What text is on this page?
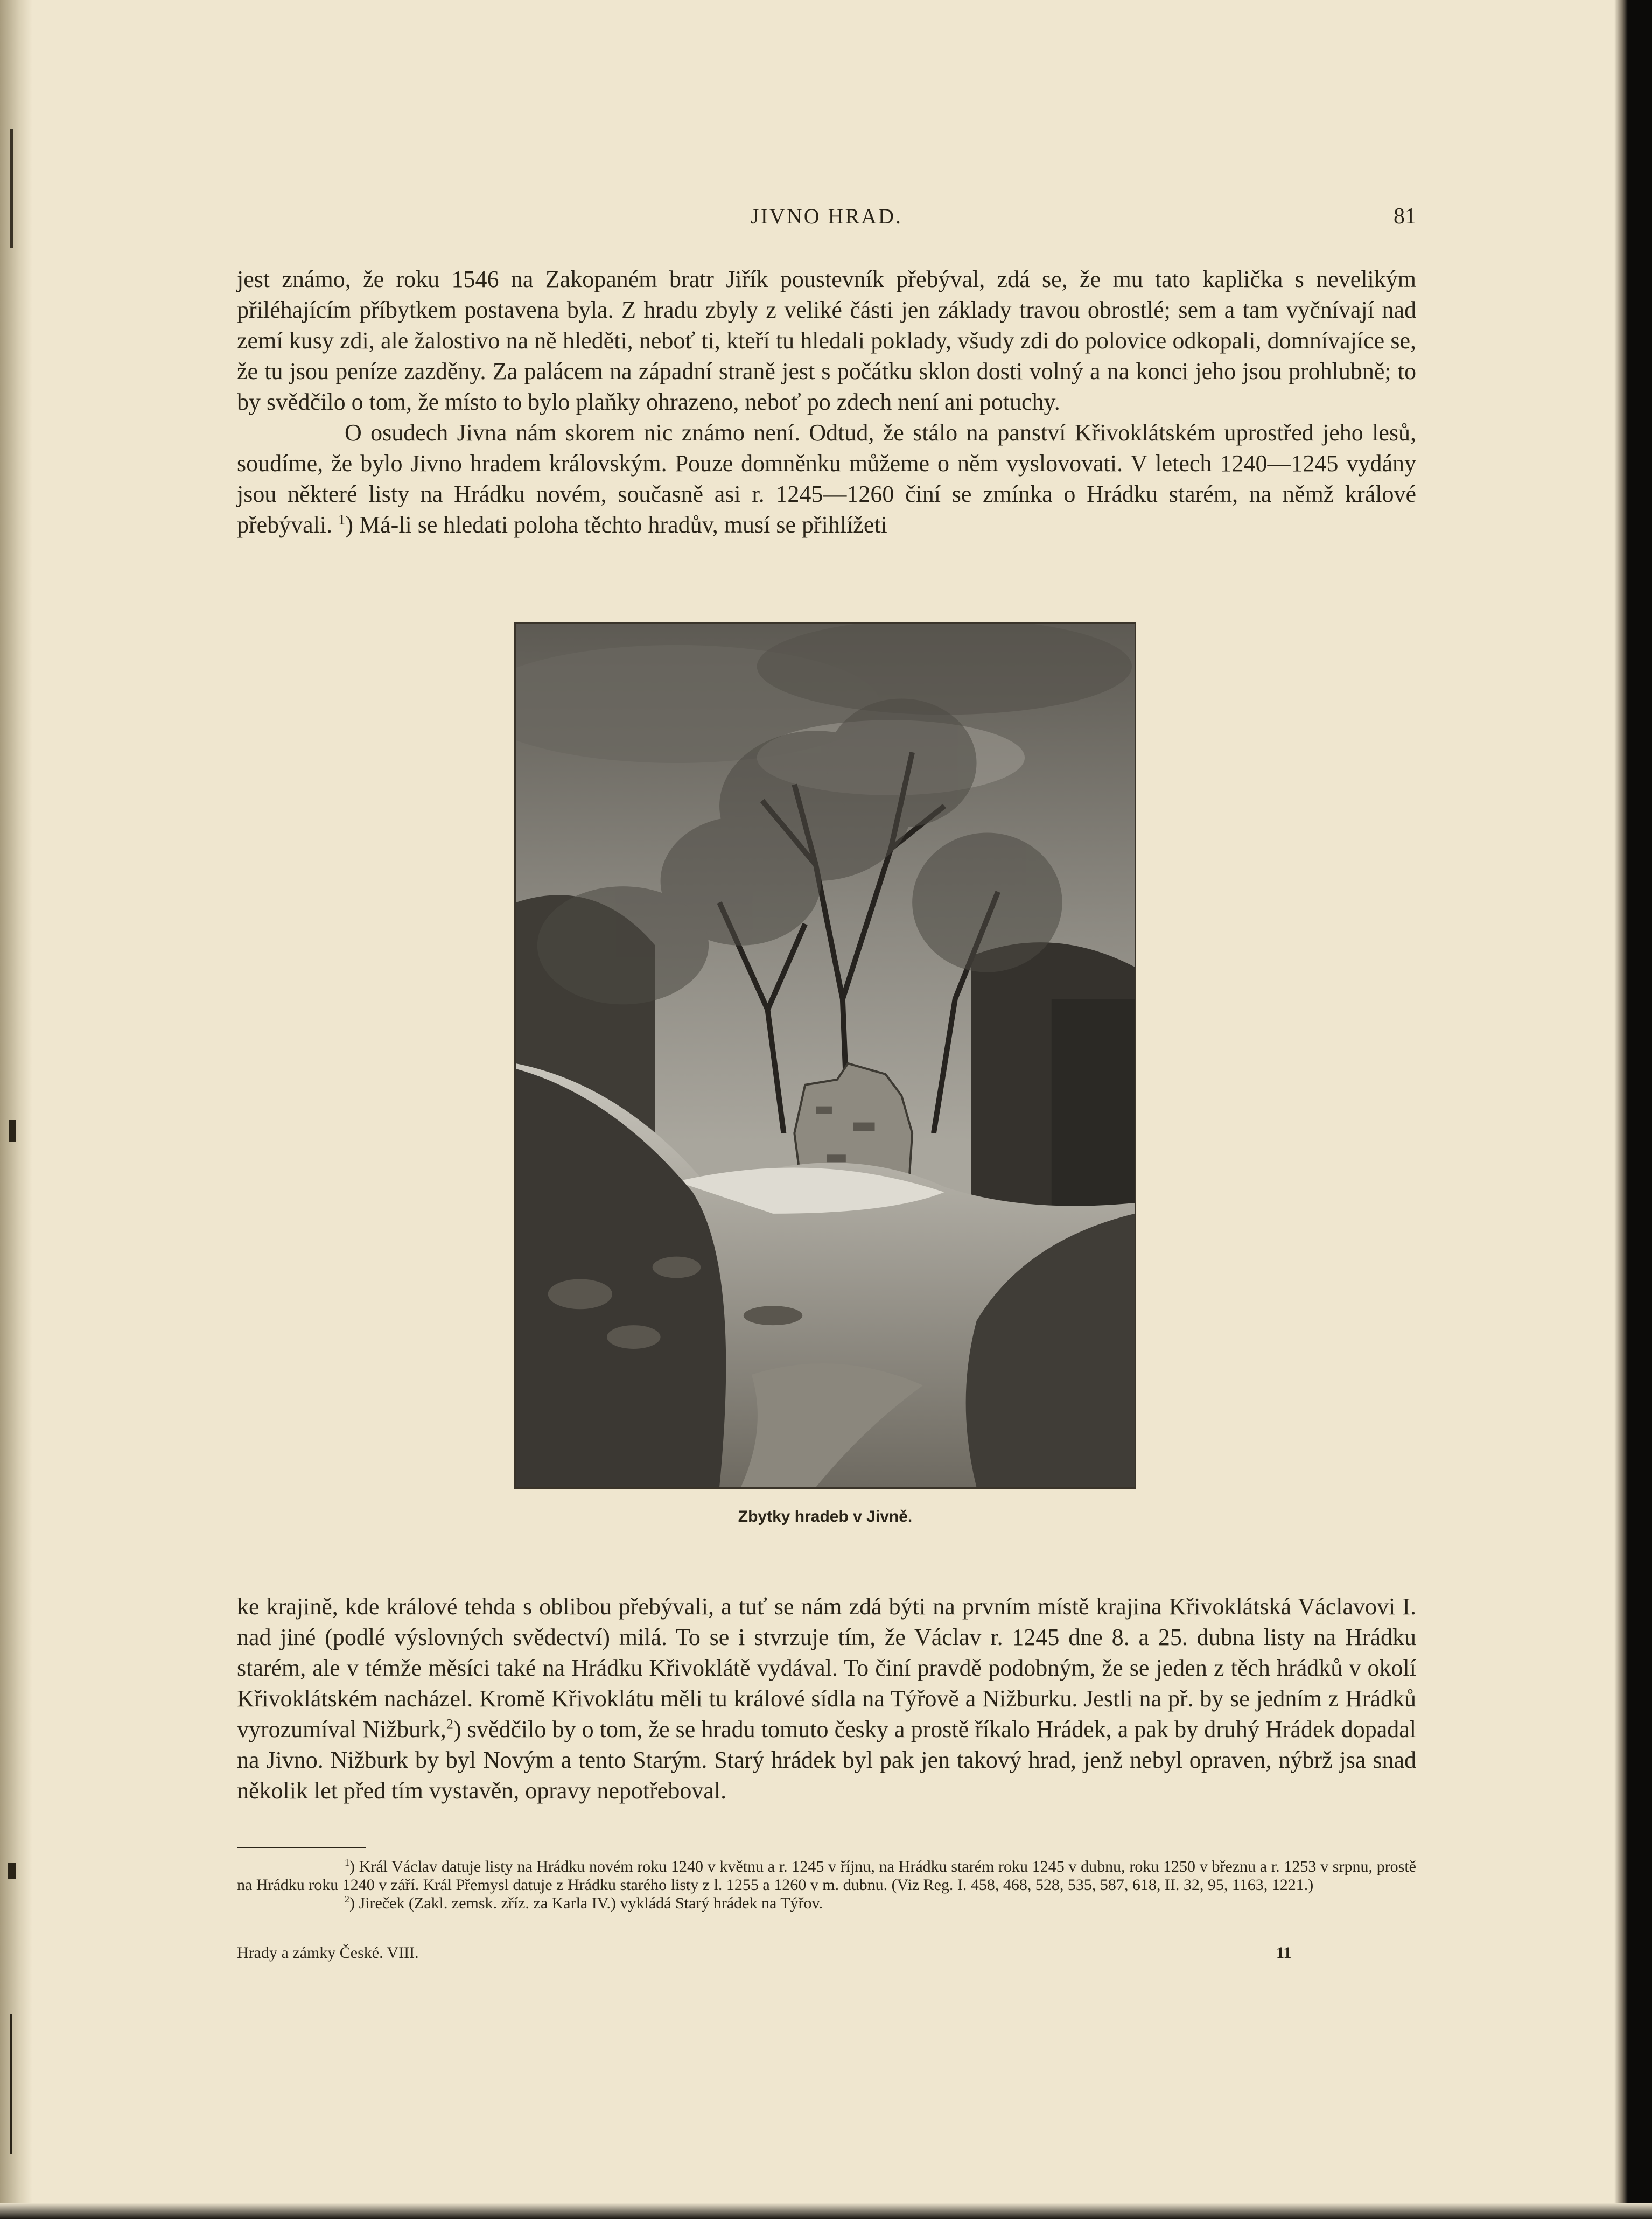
JIVNO HRAD.	81

jest známo, že roku 1546 na Zakopaném bratr Jiřík poustevník přebýval, zdá se, že mu tato kaplička s nevelikým přiléhajícím příbytkem postavena byla. Z hradu zbyly z veliké části jen základy travou obrostlé; sem a tam vyčnívají nad zemí kusy zdi, ale žalostivo na ně hleděti, neboť ti, kteří tu hledali poklady, všudy zdi do polovice odkopali, domnívajíce se, že tu jsou peníze zazděny. Za palácem na západní straně jest s počátku sklon dosti volný a na konci jeho jsou prohlubně; to by svědčilo o tom, že místo to bylo plaňky ohrazeno, neboť po zdech není ani potuchy.

O osudech Jivna nám skorem nic známo není. Odtud, že stálo na panství Křivoklátském uprostřed jeho lesů, soudíme, že bylo Jivno hradem královským. Pouze domněnku můžeme o něm vyslovovati. V letech 1240—1245 vydány jsou některé listy na Hrádku novém, současně asi r. 1245—1260 činí se zmínka o Hrádku starém, na němž králové přebývali. $^1$) Má-li se hledati poloha těchto hradův, musí se přihlížeti

Zbytky hradeb v Jivně.

ke krajině, kde králové tehda s oblibou přebývali, a tuť se nám zdá býti na prvním místě krajina Křivoklátská Václavovi I. nad jiné (podlé výslovných svědectví) milá. To se i stvrzuje tím, že Václav r. 1245 dne 8. a 25. dubna listy na Hrádku starém, ale v témže měsíci také na Hrádku Křivoklátě vydával. To činí pravdě podobným, že se jeden z těch hrádků v okolí Křivoklátském nacházel. Kromě Křivoklátu měli tu králové sídla na Týřově a Nižburku. Jestli na př. by se jedním z Hrádků vyrozumíval Nižburk,$^2$) svědčilo by o tom, že se hradu tomuto česky a prostě říkalo Hrádek, a pak by druhý Hrádek dopadal na Jivno. Nižburk by byl Novým a tento Starým. Starý hrádek byl pak jen takový hrad, jenž nebyl opraven, nýbrž jsa snad několik let před tím vystavěn, opravy nepotřeboval.

$^1$) Král Václav datuje listy na Hrádku novém roku 1240 v květnu a r. 1245 v říjnu, na Hrádku starém roku 1245 v dubnu, roku 1250 v březnu a r. 1253 v srpnu, prostě na Hrádku roku 1240 v září. Král Přemysl datuje z Hrádku starého listy z l. 1255 a 1260 v m. dubnu. (Viz Reg. I. 458, 468, 528, 535, 587, 618, II. 32, 95, 1163, 1221.)

$^2$) Jireček (Zakl. zemsk. zříz. za Karla IV.) vykládá Starý hrádek na Týřov.

Hrady a zámky České. VIII.	11
